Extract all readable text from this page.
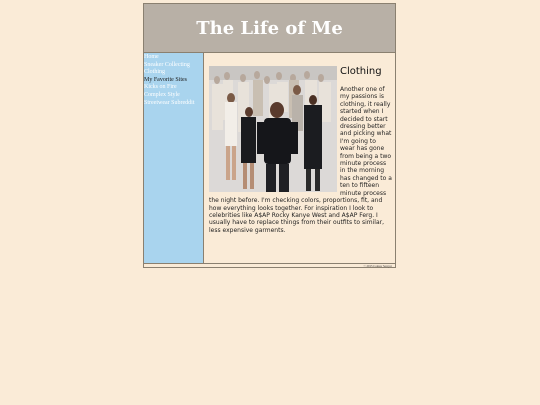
The Life of Me
Home
Sneaker Collecting
Clothing
My Favorite Sites
Kicks on Fire
Complex Style
Streetwear Subreddit
Clothing
Another one of my passions is clothing, it really started when I decided to start dressing better and picking what I'm going to wear has gone from being a two minute process in the morning has changed to a ten to fifteen minute process the night before. I'm checking colors, proportions, fit, and how everything looks together. For inspiration I look to celebrities like A$AP Rocky Kanye West and A$AP Ferg. I usually have to replace things from their outfits to similar, less expensive garments.
© 2015 Connor Sawyer
